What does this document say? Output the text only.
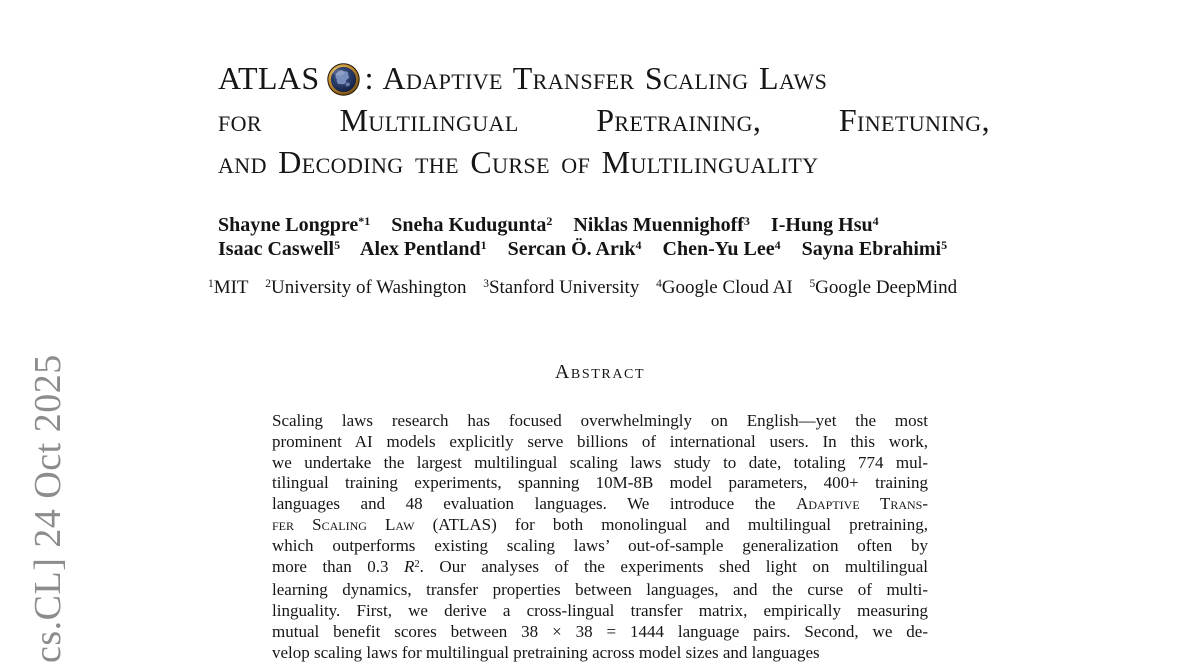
cs.CL] 24 Oct 2025
ATLAS : Adaptive Transfer Scaling Laws
for Multilingual Pretraining, Finetuning,
and Decoding the Curse of Multilinguality
Shayne Longpre$^{*1}$ Sneha Kudugunta$^2$ Niklas Muennighoff$^3$ I-Hung Hsu$^4$
Isaac Caswell$^5$ Alex Pentland$^1$ Sercan Ö. Arık$^4$ Chen-Yu Lee$^4$ Sayna Ebrahimi$^5$
$^1$MIT $^2$University of Washington $^3$Stanford University $^4$Google Cloud AI $^5$Google DeepMind
Abstract
Scaling laws research has focused overwhelmingly on English—yet the most
prominent AI models explicitly serve billions of international users. In this work,
we undertake the largest multilingual scaling laws study to date, totaling 774 mul-
tilingual training experiments, spanning 10M-8B model parameters, 400+ training
languages and 48 evaluation languages. We introduce the Adaptive Trans-
fer Scaling Law (ATLAS) for both monolingual and multilingual pretraining,
which outperforms existing scaling laws’ out-of-sample generalization often by
more than 0.3 $R^2$. Our analyses of the experiments shed light on multilingual
learning dynamics, transfer properties between languages, and the curse of multi-
linguality. First, we derive a cross-lingual transfer matrix, empirically measuring
mutual benefit scores between 38 × 38 = 1444 language pairs. Second, we de-
velop scaling laws for multilingual pretraining across model sizes and languages
